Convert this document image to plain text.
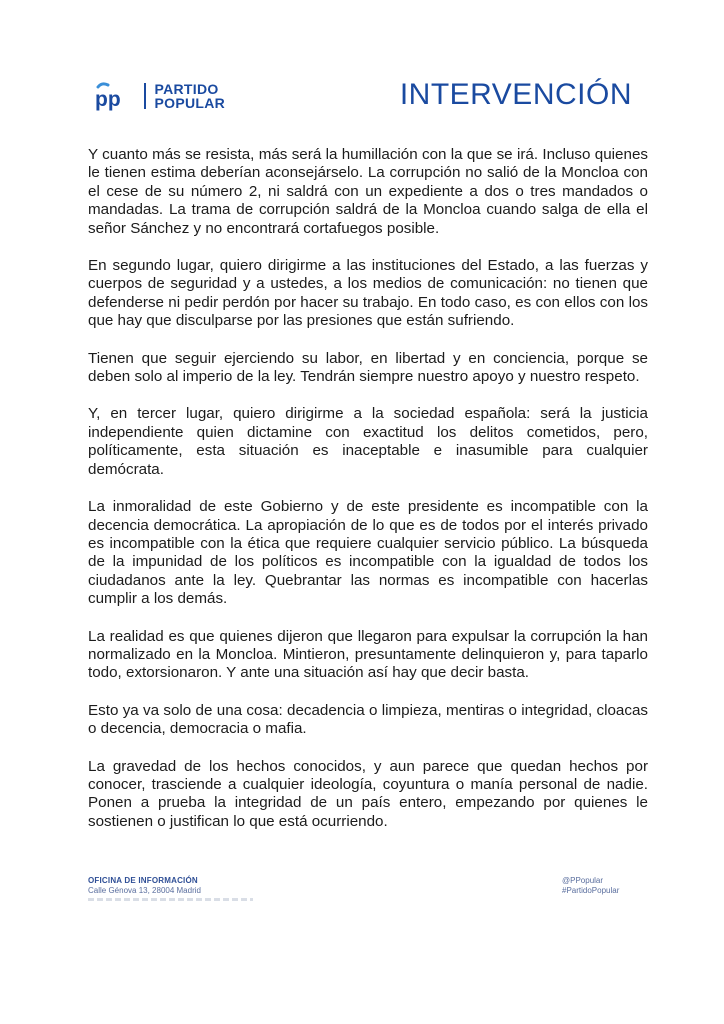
pp PARTIDO
POPULAR	INTERVENCIÓN

Y cuanto más se resista, más será la humillación con la que se irá. Incluso quienes le tienen estima deberían aconsejárselo. La corrupción no salió de la Moncloa con el cese de su número 2, ni saldrá con un expediente a dos o tres mandados o mandadas. La trama de corrupción saldrá de la Moncloa cuando salga de ella el señor Sánchez y no encontrará cortafuegos posible.

En segundo lugar, quiero dirigirme a las instituciones del Estado, a las fuerzas y cuerpos de seguridad y a ustedes, a los medios de comunicación: no tienen que defenderse ni pedir perdón por hacer su trabajo. En todo caso, es con ellos con los que hay que disculparse por las presiones que están sufriendo.

Tienen que seguir ejerciendo su labor, en libertad y en conciencia, porque se deben solo al imperio de la ley. Tendrán siempre nuestro apoyo y nuestro respeto.

Y, en tercer lugar, quiero dirigirme a la sociedad española: será la justicia independiente quien dictamine con exactitud los delitos cometidos, pero, políticamente, esta situación es inaceptable e inasumible para cualquier demócrata.

La inmoralidad de este Gobierno y de este presidente es incompatible con la decencia democrática. La apropiación de lo que es de todos por el interés privado es incompatible con la ética que requiere cualquier servicio público. La búsqueda de la impunidad de los políticos es incompatible con la igualdad de todos los ciudadanos ante la ley. Quebrantar las normas es incompatible con hacerlas cumplir a los demás.

La realidad es que quienes dijeron que llegaron para expulsar la corrupción la han normalizado en la Moncloa. Mintieron, presuntamente delinquieron y, para taparlo todo, extorsionaron. Y ante una situación así hay que decir basta.

Esto ya va solo de una cosa: decadencia o limpieza, mentiras o integridad, cloacas o decencia, democracia o mafia.

La gravedad de los hechos conocidos, y aun parece que quedan hechos por conocer, trasciende a cualquier ideología, coyuntura o manía personal de nadie. Ponen a prueba la integridad de un país entero, empezando por quienes le sostienen o justifican lo que está ocurriendo.

OFICINA DE INFORMACIÓN
Calle Génova 13, 28004 Madrid
@PPopular
#PartidoPopular
